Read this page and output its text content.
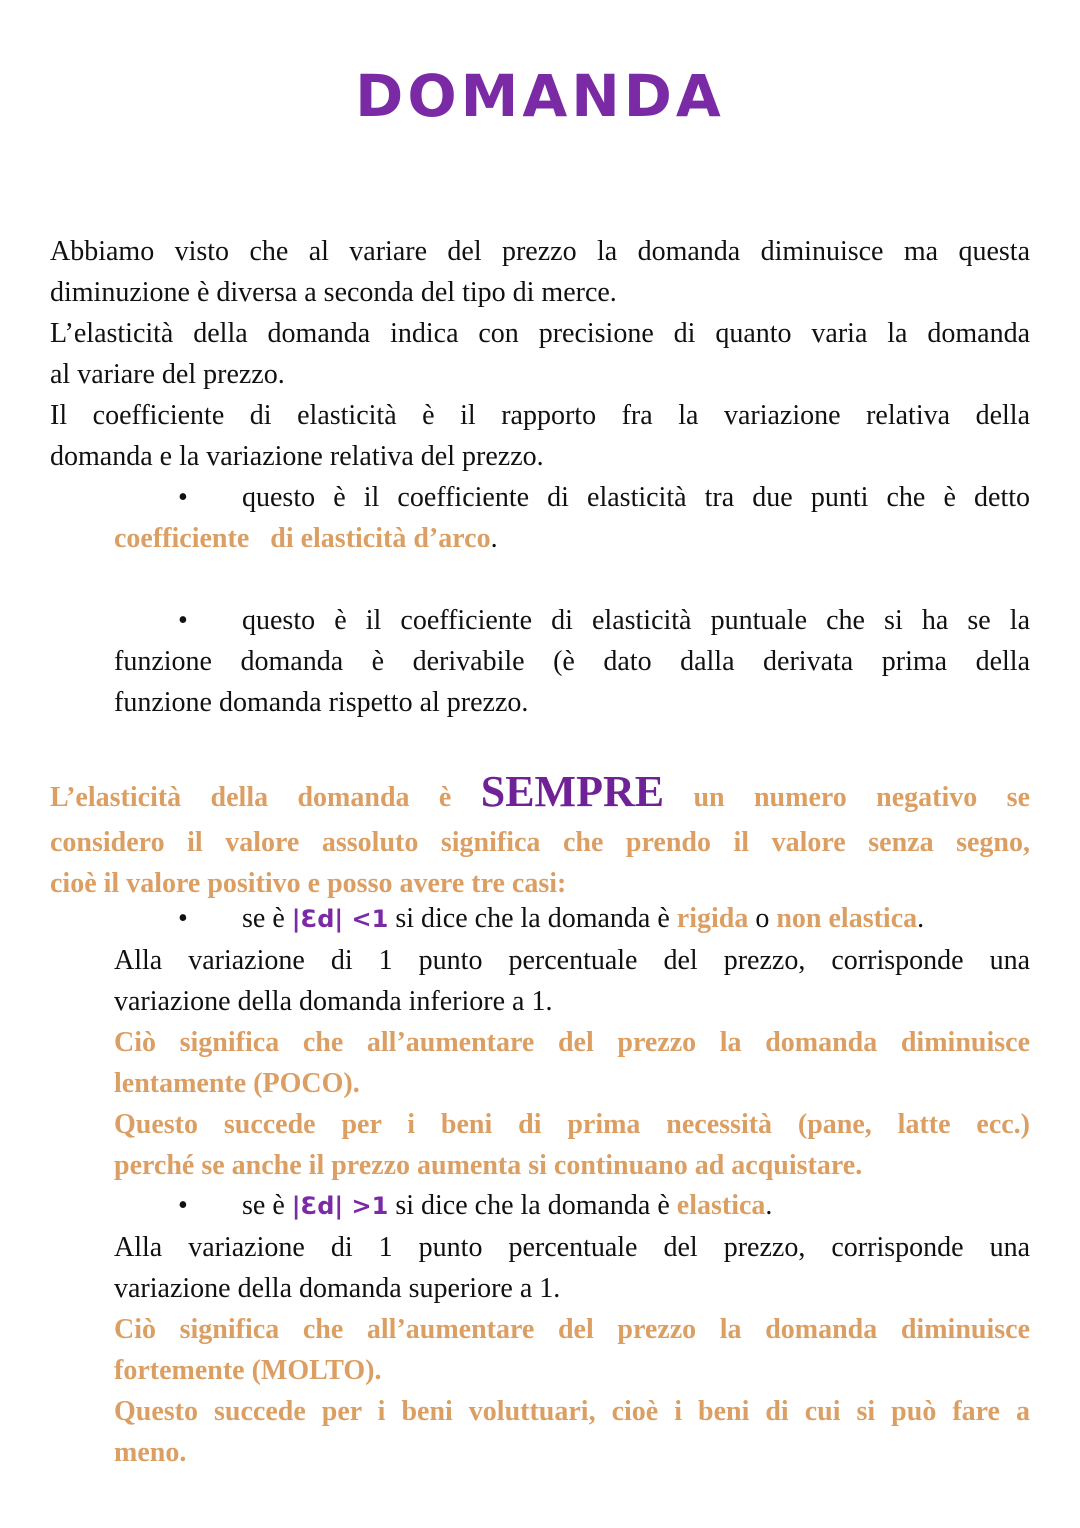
DOMANDA

Abbiamo visto che al variare del prezzo la domanda diminuisce ma questa

diminuzione è diversa a seconda del tipo di merce.

L’elasticità della domanda indica con precisione di quanto varia la domanda

al variare del prezzo.

Il coefficiente di elasticità è il rapporto fra la variazione relativa della

domanda e la variazione relativa del prezzo.

• questo è il coefficiente di elasticità tra due punti che è detto

coefficiente   di elasticità d’arco.

• questo è il coefficiente di elasticità puntuale che si ha se la

funzione domanda è derivabile (è dato dalla derivata prima della

funzione domanda rispetto al prezzo.

L’elasticità della domanda è SEMPRE un numero negativo se

considero il valore assoluto significa che prendo il valore senza segno,

cioè il valore positivo e posso avere tre casi:

• se è |Ɛd| <1 si dice che la domanda è rigida o non elastica.

Alla variazione di 1 punto percentuale del prezzo, corrisponde una

variazione della domanda inferiore a 1.

Ciò significa che all’aumentare del prezzo la domanda diminuisce

lentamente (POCO).

Questo succede per i beni di prima necessità (pane, latte ecc.)

perché se anche il prezzo aumenta si continuano ad acquistare.

• se è |Ɛd| >1 si dice che la domanda è elastica.

Alla variazione di 1 punto percentuale del prezzo, corrisponde una

variazione della domanda superiore a 1.

Ciò significa che all’aumentare del prezzo la domanda diminuisce

fortemente (MOLTO).

Questo succede per i beni voluttuari, cioè i beni di cui si può fare a

meno.
